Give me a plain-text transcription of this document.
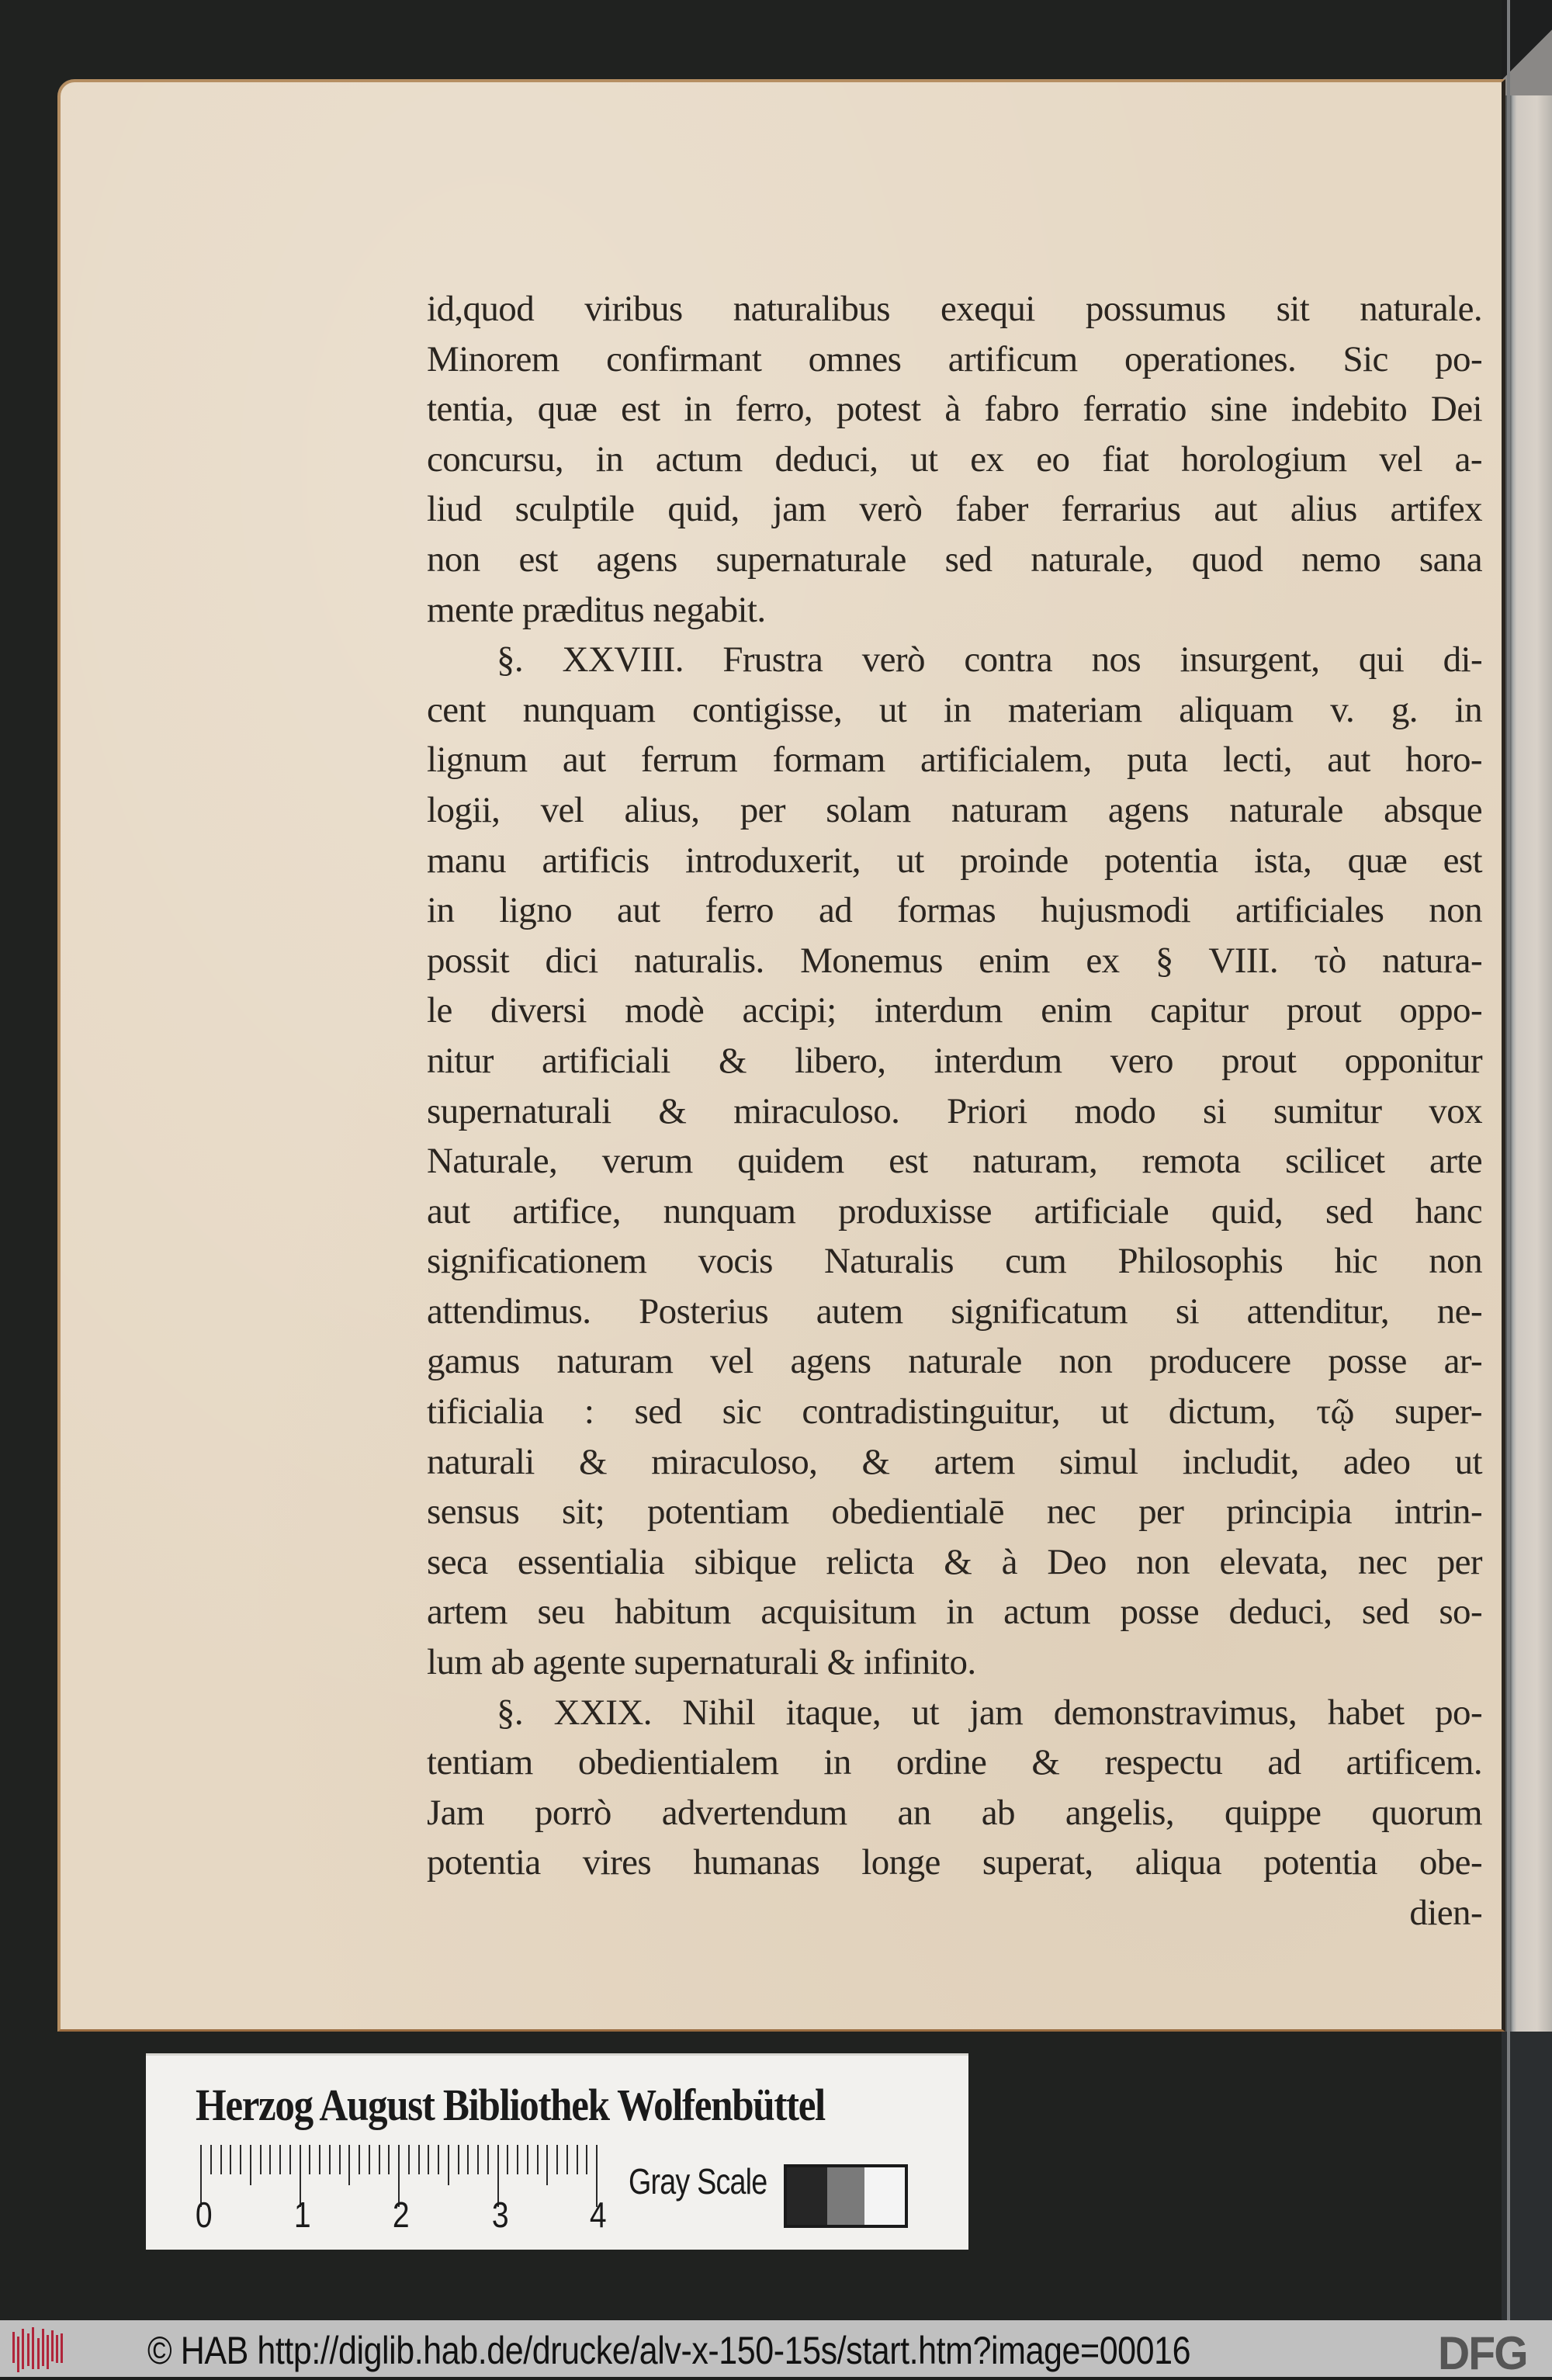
id,quod viribus naturalibus exequi possumus sit naturale.
Minorem confirmant omnes artificum operationes. Sic po-
tentia, quæ est in ferro, potest à fabro ferratio sine indebito Dei
concursu, in actum deduci, ut ex eo fiat horologium vel a-
liud sculptile quid, jam verò faber ferrarius aut alius artifex
non est agens supernaturale sed naturale, quod nemo sana
mente præditus negabit.
§. XXVIII. Frustra verò contra nos insurgent, qui di-
cent nunquam contigisse, ut in materiam aliquam v. g. in
lignum aut ferrum formam artificialem, puta lecti, aut horo-
logii, vel alius, per solam naturam agens naturale absque
manu artificis introduxerit, ut proinde potentia ista, quæ est
in ligno aut ferro ad formas hujusmodi artificiales non
possit dici naturalis. Monemus enim ex § VIII. τὸ natura-
le diversi modè accipi; interdum enim capitur prout oppo-
nitur artificiali & libero, interdum vero prout opponitur
supernaturali & miraculoso. Priori modo si sumitur vox
Naturale, verum quidem est naturam, remota scilicet arte
aut artifice, nunquam produxisse artificiale quid, sed hanc
significationem vocis Naturalis cum Philosophis hic non
attendimus. Posterius autem significatum si attenditur, ne-
gamus naturam vel agens naturale non producere posse ar-
tificialia : sed sic contradistinguitur, ut dictum, τῷ super-
naturali & miraculoso, & artem simul includit, adeo ut
sensus sit; potentiam obedientialē nec per principia intrin-
seca essentialia sibique relicta & à Deo non elevata, nec per
artem seu habitum acquisitum in actum posse deduci, sed so-
lum ab agente supernaturali & infinito.
§. XXIX. Nihil itaque, ut jam demonstravimus, habet po-
tentiam obedientialem in ordine & respectu ad artificem.
Jam porrò advertendum an ab angelis, quippe quorum
potentia vires humanas longe superat, aliqua potentia obe-
dien-
Herzog August Bibliothek Wolfenbüttel
0 1 2 3 4
Gray Scale
© HAB http://diglib.hab.de/drucke/alv-x-150-15s/start.htm?image=00016	DFG
